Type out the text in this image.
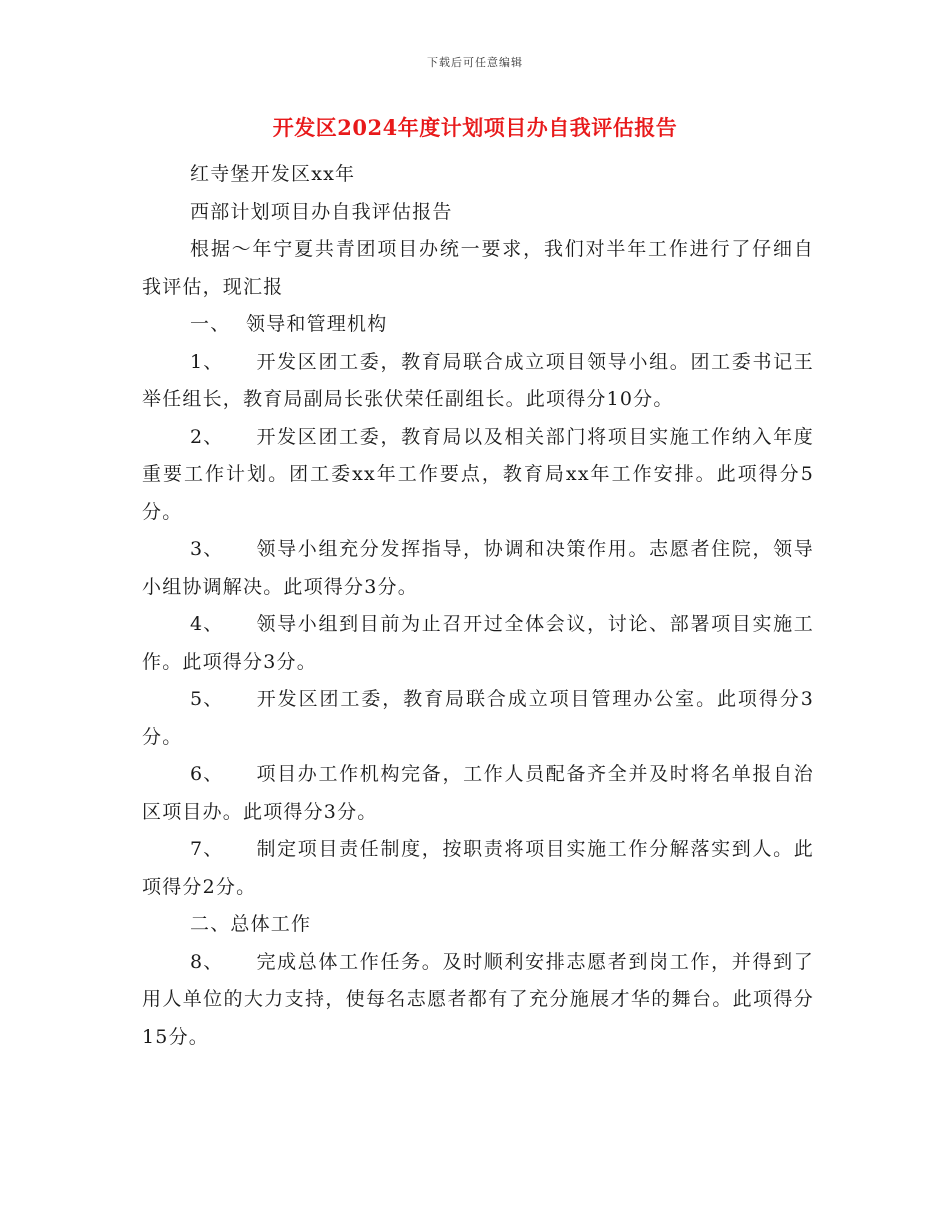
下载后可任意编辑
开发区2024年度计划项目办自我评估报告

红寺堡开发区xx年

西部计划项目办自我评估报告

根据～年宁夏共青团项目办统一要求，我们对半年工作进行了仔细自我评估，现汇报

一、 领导和管理机构

1、 开发区团工委，教育局联合成立项目领导小组。团工委书记王举任组长，教育局副局长张伏荣任副组长。此项得分10分。

2、 开发区团工委，教育局以及相关部门将项目实施工作纳入年度重要工作计划。团工委xx年工作要点，教育局xx年工作安排。此项得分5分。

3、 领导小组充分发挥指导，协调和决策作用。志愿者住院，领导小组协调解决。此项得分3分。

4、 领导小组到目前为止召开过全体会议，讨论、部署项目实施工作。此项得分3分。

5、 开发区团工委，教育局联合成立项目管理办公室。此项得分3分。

6、 项目办工作机构完备，工作人员配备齐全并及时将名单报自治区项目办。此项得分3分。

7、 制定项目责任制度，按职责将项目实施工作分解落实到人。此项得分2分。

二、总体工作

8、 完成总体工作任务。及时顺利安排志愿者到岗工作，并得到了用人单位的大力支持，使每名志愿者都有了充分施展才华的舞台。此项得分15分。
